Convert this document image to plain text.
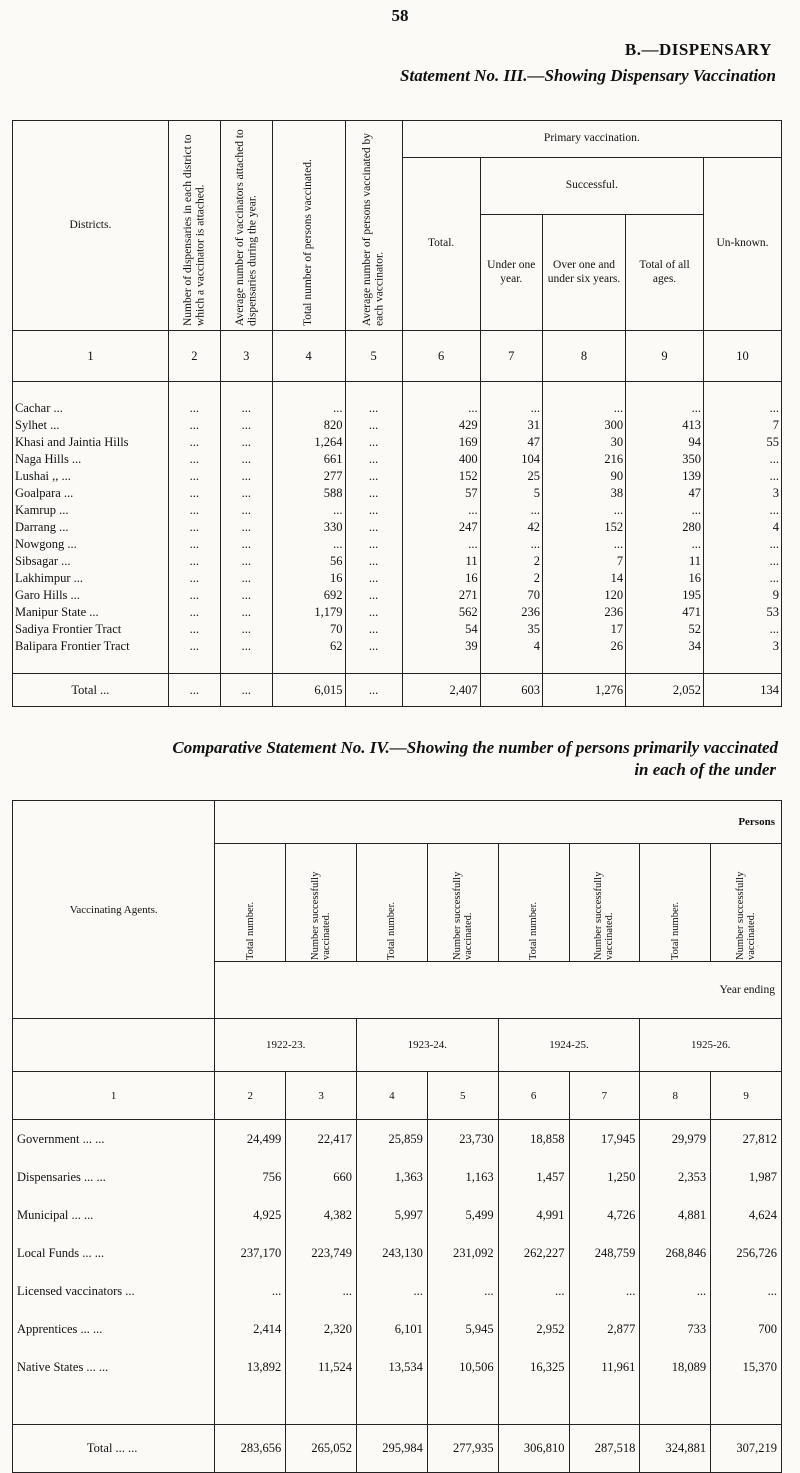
58
B.—DISPENSARY
Statement No. III.—Showing Dispensary Vaccination
Districts.	Number of dispensaries in each district to which a vaccinator is attached.	Average number of vaccinators attached to dispensaries during the year.	Total number of persons vaccinated.	Average number of persons vaccinated by each vaccinator.	Primary vaccination.				
					Total.	Successful.			Un-known.
						Under one year.	Over one and under six years.	Total of all ages.	
1	2	3	4	5	6	7	8	9	10

Cachar ...	...	...	...	...	...	...	...	...	...
Sylhet ...	...	...	820	...	429	31	300	413	7
Khasi and Jaintia Hills	...	...	1,264	...	169	47	30	94	55
Naga Hills ...	...	...	661	...	400	104	216	350	...
Lushai ,, ...	...	...	277	...	152	25	90	139	...
Goalpara ...	...	...	588	...	57	5	38	47	3
Kamrup ...	...	...	...	...	...	...	...	...	...
Darrang ...	...	...	330	...	247	42	152	280	4
Nowgong ...	...	...	...	...	...	...	...	...	...
Sibsagar ...	...	...	56	...	11	2	7	11	...
Lakhimpur ...	...	...	16	...	16	2	14	16	...
Garo Hills ...	...	...	692	...	271	70	120	195	9
Manipur State ...	...	...	1,179	...	562	236	236	471	53
Sadiya Frontier Tract	...	...	70	...	54	35	17	52	...
Balipara Frontier Tract	...	...	62	...	39	4	26	34	3

Total ...	...	...	6,015	...	2,407	603	1,276	2,052	134
Comparative Statement No. IV.—Showing the number of persons primarily vaccinated
in each of the under
Vaccinating Agents.	Persons							

	Total number.	Number successfully vaccinated.	Total number.	Number successfully vaccinated.	Total number.	Number successfully vaccinated.	Total number.	Number successfully vaccinated.

	Year ending							
	1922-23.		1923-24.		1924-25.		1925-26.	
1	2	3	4	5	6	7	8	9
Government ... ...	24,499	22,417	25,859	23,730	18,858	17,945	29,979	27,812
Dispensaries ... ...	756	660	1,363	1,163	1,457	1,250	2,353	1,987
Municipal ... ...	4,925	4,382	5,997	5,499	4,991	4,726	4,881	4,624
Local Funds ... ...	237,170	223,749	243,130	231,092	262,227	248,759	268,846	256,726
Licensed vaccinators ...	...	...	...	...	...	...	...	...
Apprentices ... ...	2,414	2,320	6,101	5,945	2,952	2,877	733	700
Native States ... ...	13,892	11,524	13,534	10,506	16,325	11,961	18,089	15,370

Total ... ...	283,656	265,052	295,984	277,935	306,810	287,518	324,881	307,219
